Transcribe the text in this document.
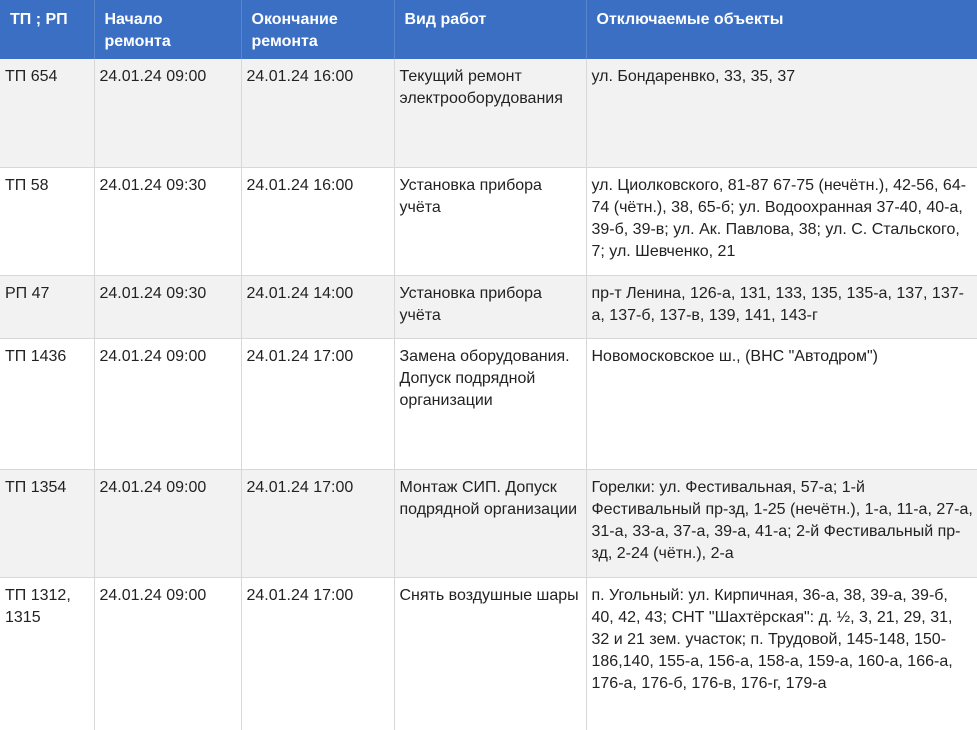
ТП ; РП	Начало ремонта	Окончание ремонта	Вид работ	Отключаемые объекты
ТП 654	24.01.24 09:00	24.01.24 16:00	Текущий ремонт электрооборудования	ул. Бондаренвко, 33, 35, 37
ТП 58	24.01.24 09:30	24.01.24 16:00	Установка прибора учёта	ул. Циолковского, 81-87 67-75 (нечётн.), 42-56, 64-74 (чётн.), 38, 65-б; ул. Водоохранная 37-40, 40-а, 39-б, 39-в; ул. Ак. Павлова, 38; ул. С. Стальского, 7; ул. Шевченко, 21
РП 47	24.01.24 09:30	24.01.24 14:00	Установка прибора учёта	пр-т Ленина, 126-а, 131, 133, 135, 135-а, 137, 137-а, 137-б, 137-в, 139, 141, 143-г
ТП 1436	24.01.24 09:00	24.01.24 17:00	Замена оборудования. Допуск подрядной организации	Новомосковское ш., (ВНС "Автодром")
ТП 1354	24.01.24 09:00	24.01.24 17:00	Монтаж СИП. Допуск подрядной организации	Горелки: ул. Фестивальная, 57-а; 1-й Фестивальный пр-зд, 1-25 (нечётн.), 1-а, 11-а, 27-а, 31-а, 33-а, 37-а, 39-а, 41-а; 2-й Фестивальный пр-зд, 2-24 (чётн.), 2-а
ТП 1312, 1315	24.01.24 09:00	24.01.24 17:00	Снять воздушные шары	п. Угольный: ул. Кирпичная, 36-а, 38, 39-а, 39-б, 40, 42, 43; СНТ "Шахтёрская": д. ½, 3, 21, 29, 31, 32 и 21 зем. участок; п. Трудовой, 145-148, 150-186,140, 155-а, 156-а, 158-а, 159-а, 160-а, 166-а, 176-а, 176-б, 176-в, 176-г, 179-а
